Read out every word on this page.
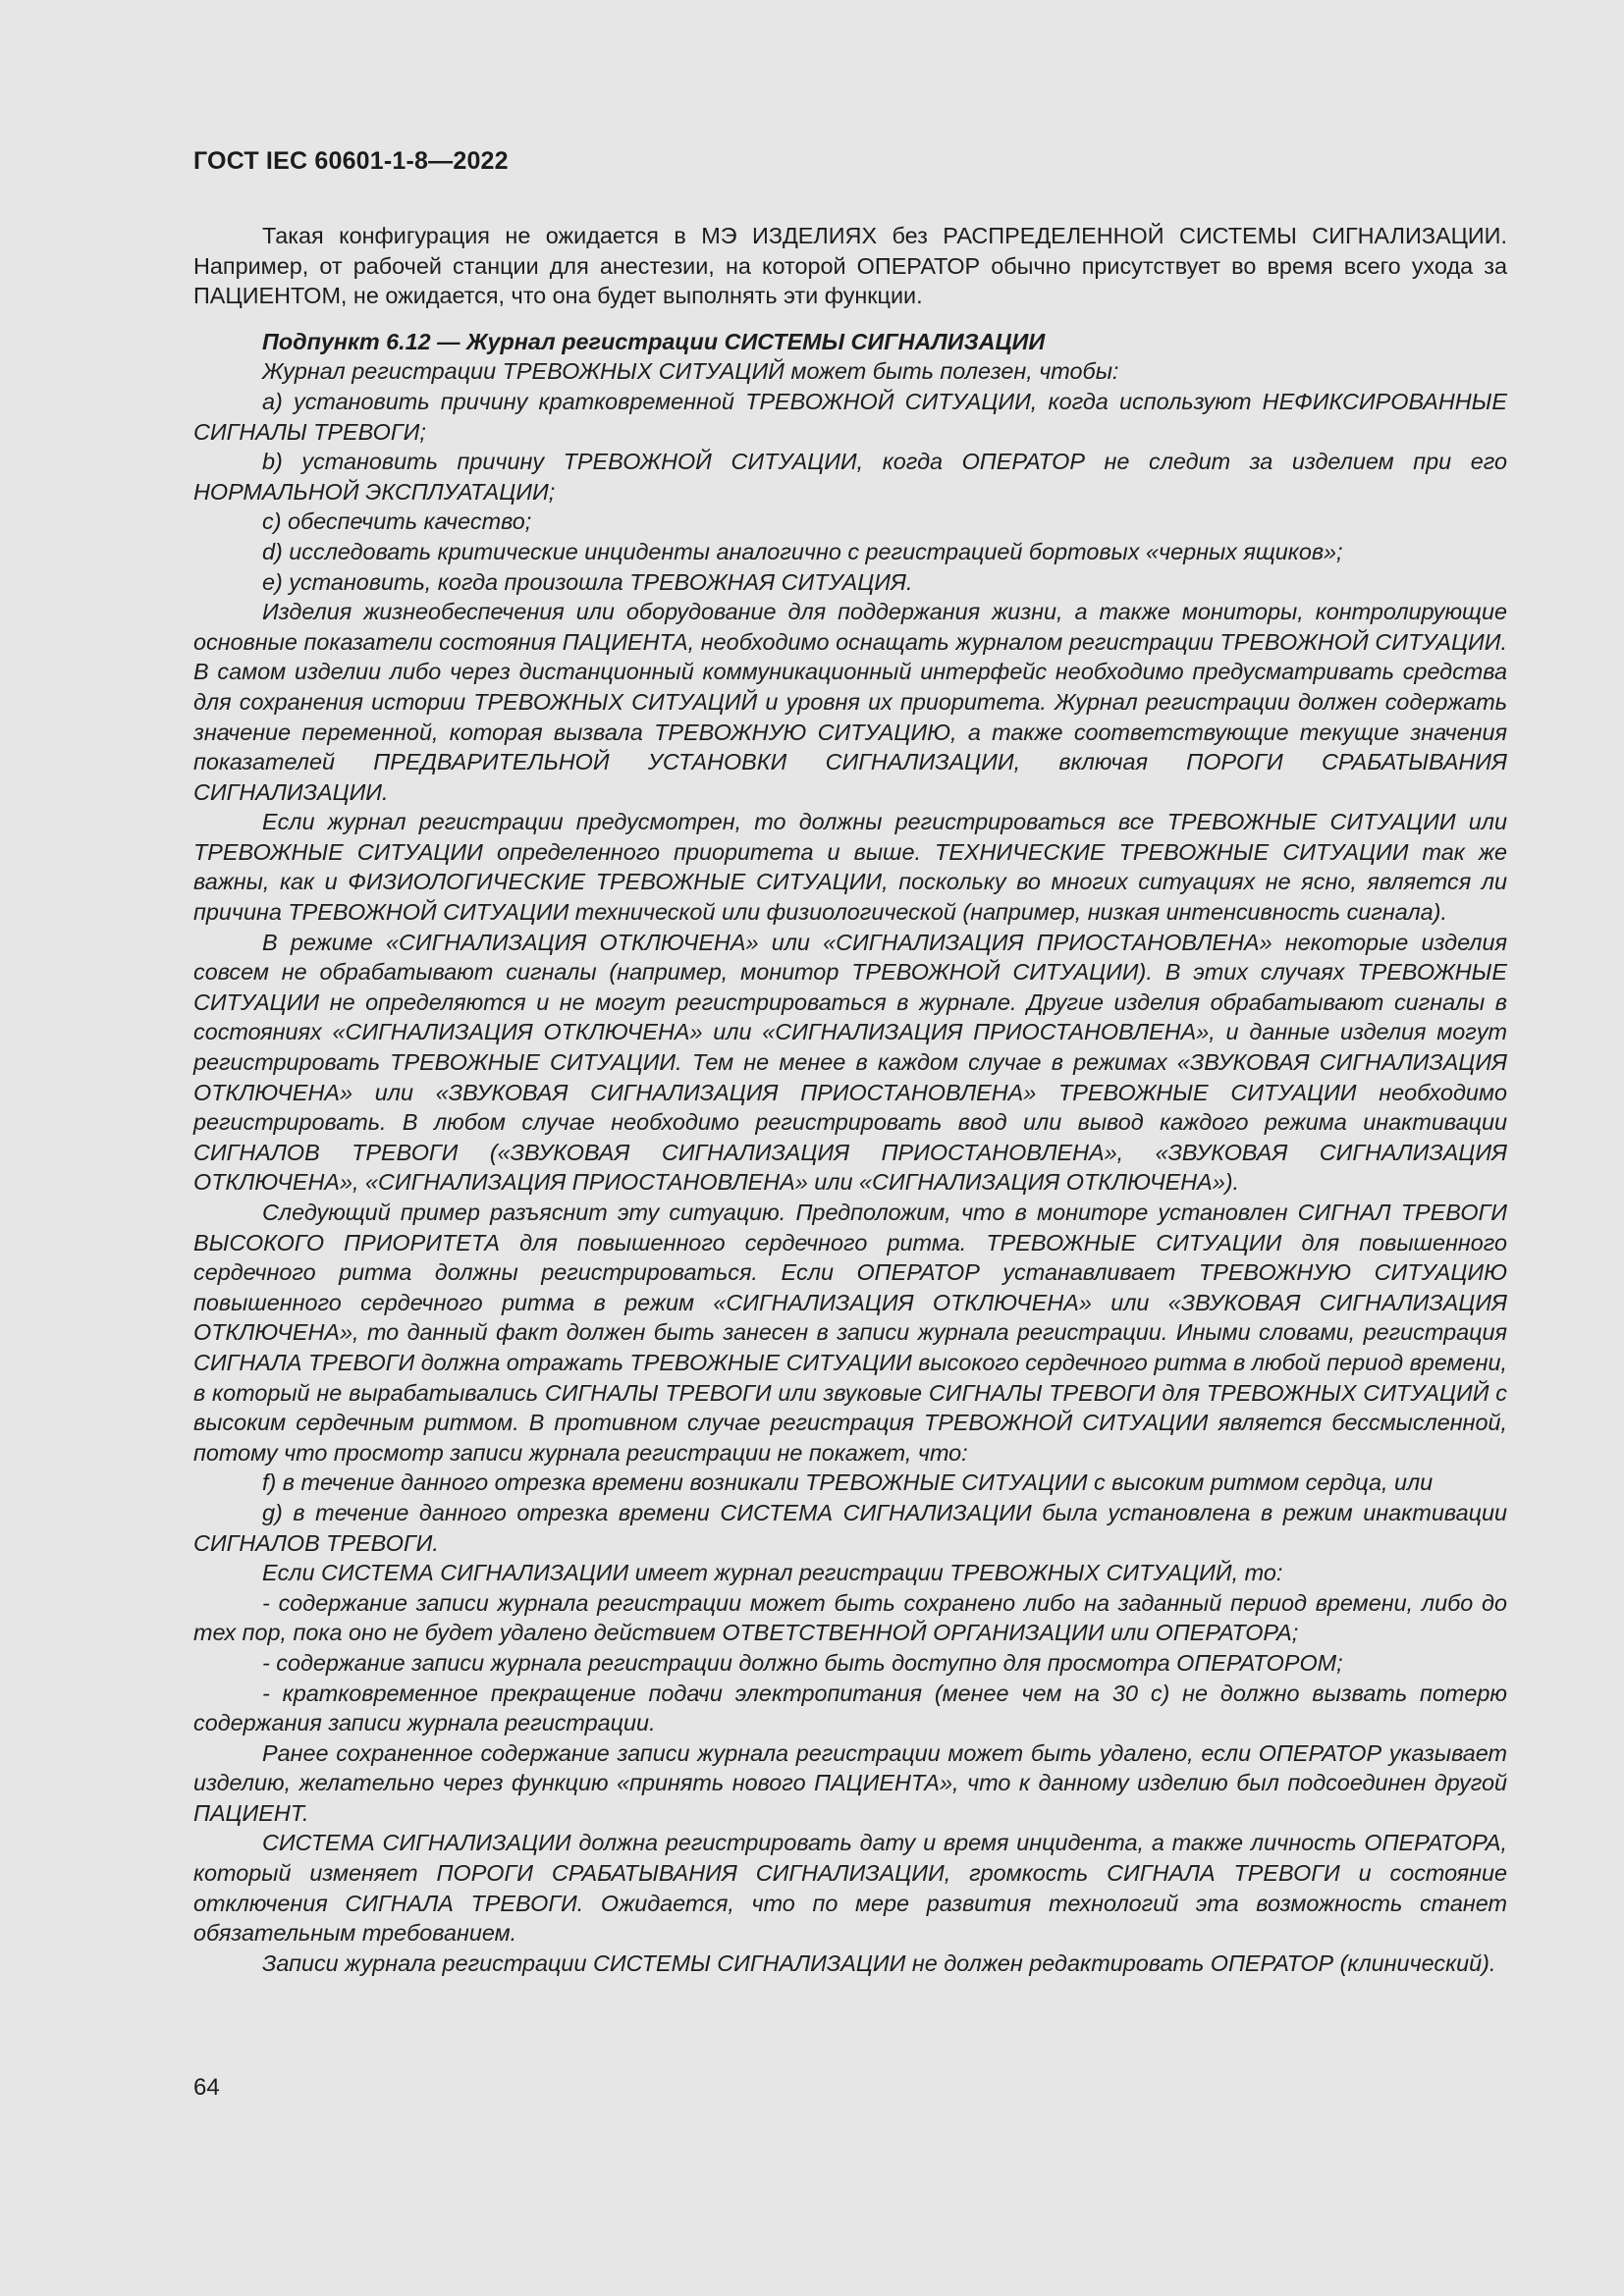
ГОСТ IEC 60601-1-8—2022

Такая конфигурация не ожидается в МЭ ИЗДЕЛИЯХ без РАСПРЕДЕЛЕННОЙ СИСТЕМЫ СИГНАЛИЗАЦИИ. Например, от рабочей станции для анестезии, на которой ОПЕРАТОР обычно присутствует во время всего ухода за ПАЦИЕНТОМ, не ожидается, что она будет выполнять эти функции.

Подпункт 6.12 — Журнал регистрации СИСТЕМЫ СИГНАЛИЗАЦИИ

Журнал регистрации ТРЕВОЖНЫХ СИТУАЦИЙ может быть полезен, чтобы:

a) установить причину кратковременной ТРЕВОЖНОЙ СИТУАЦИИ, когда используют НЕФИКСИРОВАННЫЕ СИГНАЛЫ ТРЕВОГИ;

b) установить причину ТРЕВОЖНОЙ СИТУАЦИИ, когда ОПЕРАТОР не следит за изделием при его НОРМАЛЬНОЙ ЭКСПЛУАТАЦИИ;

c) обеспечить качество;

d) исследовать критические инциденты аналогично с регистрацией бортовых «черных ящиков»;

e) установить, когда произошла ТРЕВОЖНАЯ СИТУАЦИЯ.

Изделия жизнеобеспечения или оборудование для поддержания жизни, а также мониторы, контролирующие основные показатели состояния ПАЦИЕНТА, необходимо оснащать журналом регистрации ТРЕВОЖНОЙ СИТУАЦИИ. В самом изделии либо через дистанционный коммуникационный интерфейс необходимо предусматривать средства для сохранения истории ТРЕВОЖНЫХ СИТУАЦИЙ и уровня их приоритета. Журнал регистрации должен содержать значение переменной, которая вызвала ТРЕВОЖНУЮ СИТУАЦИЮ, а также соответствующие текущие значения показателей ПРЕДВАРИТЕЛЬНОЙ УСТАНОВКИ СИГНАЛИЗАЦИИ, включая ПОРОГИ СРАБАТЫВАНИЯ СИГНАЛИЗАЦИИ.

Если журнал регистрации предусмотрен, то должны регистрироваться все ТРЕВОЖНЫЕ СИТУАЦИИ или ТРЕВОЖНЫЕ СИТУАЦИИ определенного приоритета и выше. ТЕХНИЧЕСКИЕ ТРЕВОЖНЫЕ СИТУАЦИИ так же важны, как и ФИЗИОЛОГИЧЕСКИЕ ТРЕВОЖНЫЕ СИТУАЦИИ, поскольку во многих ситуациях не ясно, является ли причина ТРЕВОЖНОЙ СИТУАЦИИ технической или физиологической (например, низкая интенсивность сигнала).

В режиме «СИГНАЛИЗАЦИЯ ОТКЛЮЧЕНА» или «СИГНАЛИЗАЦИЯ ПРИОСТАНОВЛЕНА» некоторые изделия совсем не обрабатывают сигналы (например, монитор ТРЕВОЖНОЙ СИТУАЦИИ). В этих случаях ТРЕВОЖНЫЕ СИТУАЦИИ не определяются и не могут регистрироваться в журнале. Другие изделия обрабатывают сигналы в состояниях «СИГНАЛИЗАЦИЯ ОТКЛЮЧЕНА» или «СИГНАЛИЗАЦИЯ ПРИОСТАНОВЛЕНА», и данные изделия могут регистрировать ТРЕВОЖНЫЕ СИТУАЦИИ. Тем не менее в каждом случае в режимах «ЗВУКОВАЯ СИГНАЛИЗАЦИЯ ОТКЛЮЧЕНА» или «ЗВУКОВАЯ СИГНАЛИЗАЦИЯ ПРИОСТАНОВЛЕНА» ТРЕВОЖНЫЕ СИТУАЦИИ необходимо регистрировать. В любом случае необходимо регистрировать ввод или вывод каждого режима инактивации СИГНАЛОВ ТРЕВОГИ («ЗВУКОВАЯ СИГНАЛИЗАЦИЯ ПРИОСТАНОВЛЕНА», «ЗВУКОВАЯ СИГНАЛИЗАЦИЯ ОТКЛЮЧЕНА», «СИГНАЛИЗАЦИЯ ПРИОСТАНОВЛЕНА» или «СИГНАЛИЗАЦИЯ ОТКЛЮЧЕНА»).

Следующий пример разъяснит эту ситуацию. Предположим, что в мониторе установлен СИГНАЛ ТРЕВОГИ ВЫСОКОГО ПРИОРИТЕТА для повышенного сердечного ритма. ТРЕВОЖНЫЕ СИТУАЦИИ для повышенного сердечного ритма должны регистрироваться. Если ОПЕРАТОР устанавливает ТРЕВОЖНУЮ СИТУАЦИЮ повышенного сердечного ритма в режим «СИГНАЛИЗАЦИЯ ОТКЛЮЧЕНА» или «ЗВУКОВАЯ СИГНАЛИЗАЦИЯ ОТКЛЮЧЕНА», то данный факт должен быть занесен в записи журнала регистрации. Иными словами, регистрация СИГНАЛА ТРЕВОГИ должна отражать ТРЕВОЖНЫЕ СИТУАЦИИ высокого сердечного ритма в любой период времени, в который не вырабатывались СИГНАЛЫ ТРЕВОГИ или звуковые СИГНАЛЫ ТРЕВОГИ для ТРЕВОЖНЫХ СИТУАЦИЙ с высоким сердечным ритмом. В противном случае регистрация ТРЕВОЖНОЙ СИТУАЦИИ является бессмысленной, потому что просмотр записи журнала регистрации не покажет, что:

f) в течение данного отрезка времени возникали ТРЕВОЖНЫЕ СИТУАЦИИ с высоким ритмом сердца, или

g) в течение данного отрезка времени СИСТЕМА СИГНАЛИЗАЦИИ была установлена в режим инактивации СИГНАЛОВ ТРЕВОГИ.

Если СИСТЕМА СИГНАЛИЗАЦИИ имеет журнал регистрации ТРЕВОЖНЫХ СИТУАЦИЙ, то:

- содержание записи журнала регистрации может быть сохранено либо на заданный период времени, либо до тех пор, пока оно не будет удалено действием ОТВЕТСТВЕННОЙ ОРГАНИЗАЦИИ или ОПЕРАТОРА;

- содержание записи журнала регистрации должно быть доступно для просмотра ОПЕРАТОРОМ;

- кратковременное прекращение подачи электропитания (менее чем на 30 с) не должно вызвать потерю содержания записи журнала регистрации.

Ранее сохраненное содержание записи журнала регистрации может быть удалено, если ОПЕРАТОР указывает изделию, желательно через функцию «принять нового ПАЦИЕНТА», что к данному изделию был подсоединен другой ПАЦИЕНТ.

СИСТЕМА СИГНАЛИЗАЦИИ должна регистрировать дату и время инцидента, а также личность ОПЕРАТОРА, который изменяет ПОРОГИ СРАБАТЫВАНИЯ СИГНАЛИЗАЦИИ, громкость СИГНАЛА ТРЕВОГИ и состояние отключения СИГНАЛА ТРЕВОГИ. Ожидается, что по мере развития технологий эта возможность станет обязательным требованием.

Записи журнала регистрации СИСТЕМЫ СИГНАЛИЗАЦИИ не должен редактировать ОПЕРАТОР (клинический).

64
